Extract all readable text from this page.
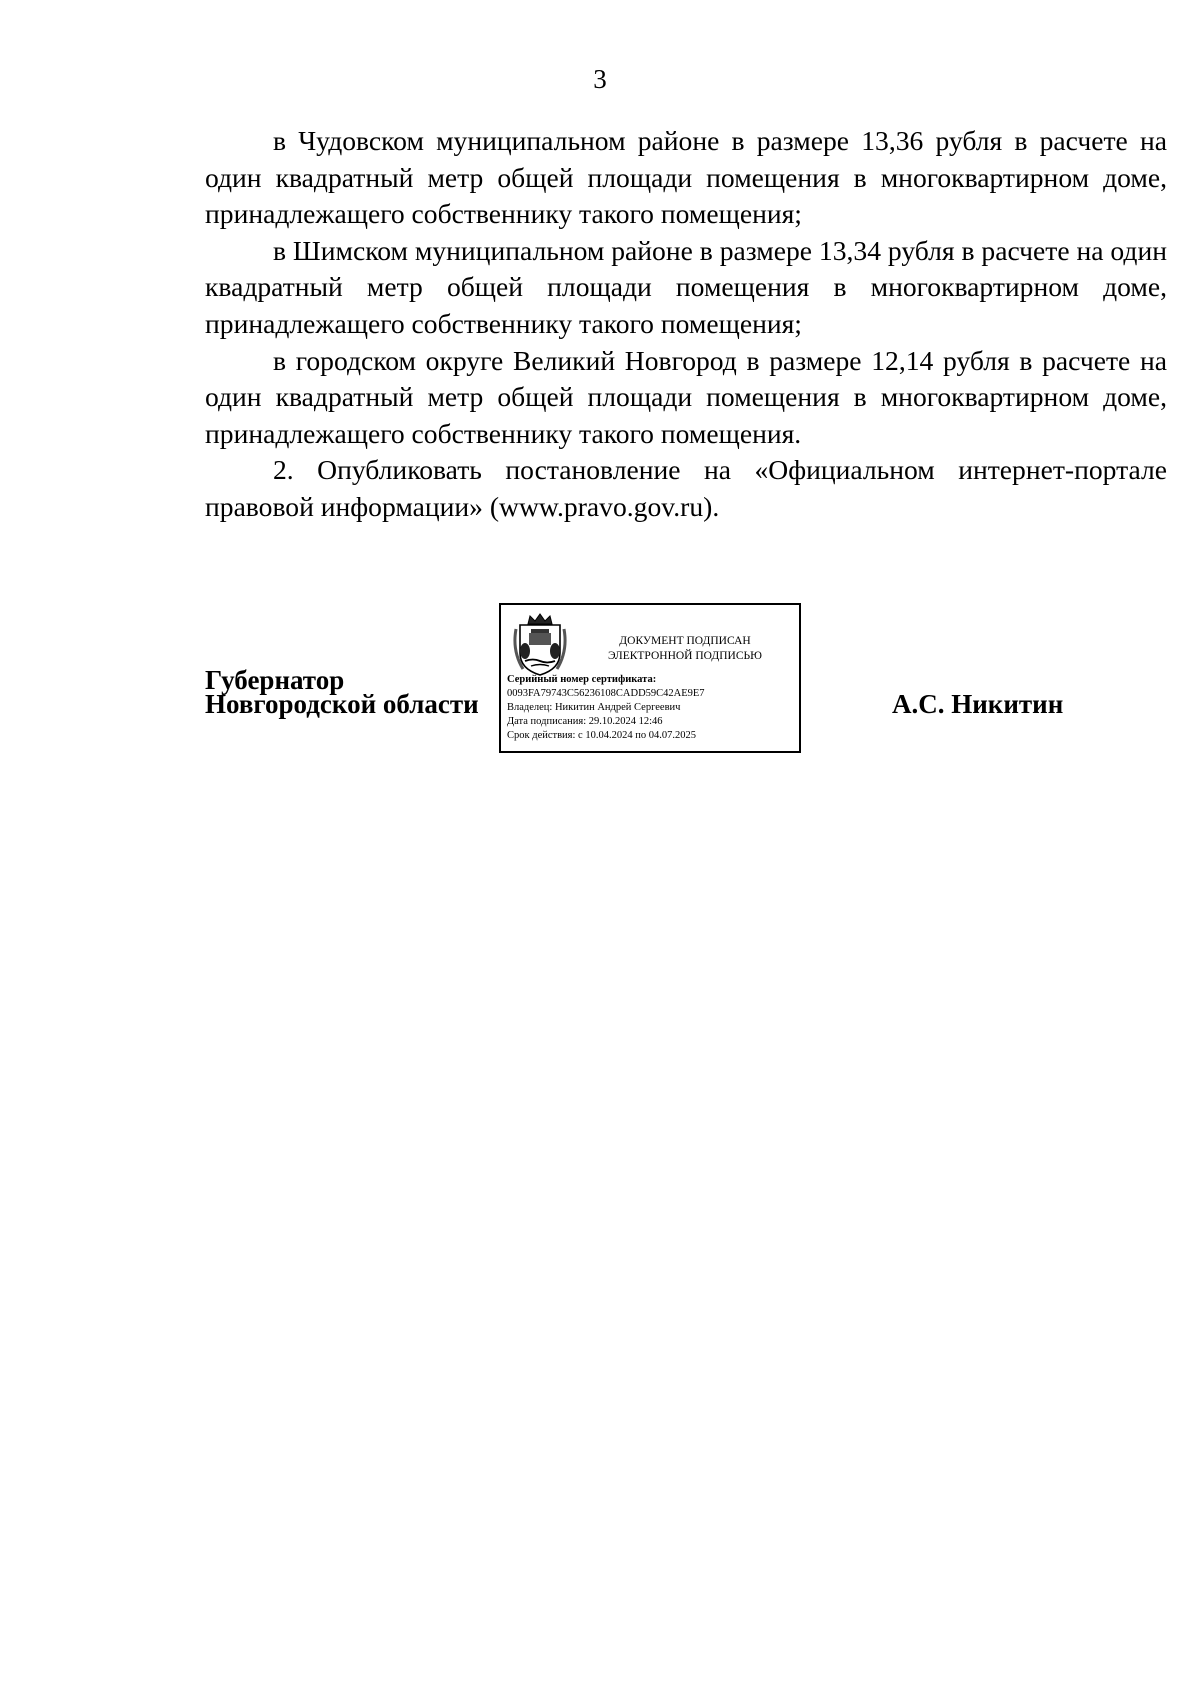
3

в Чудовском муниципальном районе в размере 13,36 рубля в расчете на один квадратный метр общей площади помещения в многоквартирном доме, принадлежащего собственнику такого помещения;

в Шимском муниципальном районе в размере 13,34 рубля в расчете на один квадратный метр общей площади помещения в многоквартирном доме, принадлежащего собственнику такого помещения;

в городском округе Великий Новгород в размере 12,14 рубля в расчете на один квадратный метр общей площади помещения в многоквартирном доме, принадлежащего собственнику такого помещения.

2. Опубликовать постановление на «Официальном интернет-портале правовой информации» (www.pravo.gov.ru).

Губернатор
Новгородской области
ДОКУМЕНТ ПОДПИСАН
ЭЛЕКТРОННОЙ ПОДПИСЬЮ
Серийный номер сертификата:
0093FA79743C56236108CADD59C42AE9E7
Владелец: Никитин Андрей Сергеевич
Дата подписания: 29.10.2024 12:46
Срок действия: с 10.04.2024 по 04.07.2025
А.С. Никитин
